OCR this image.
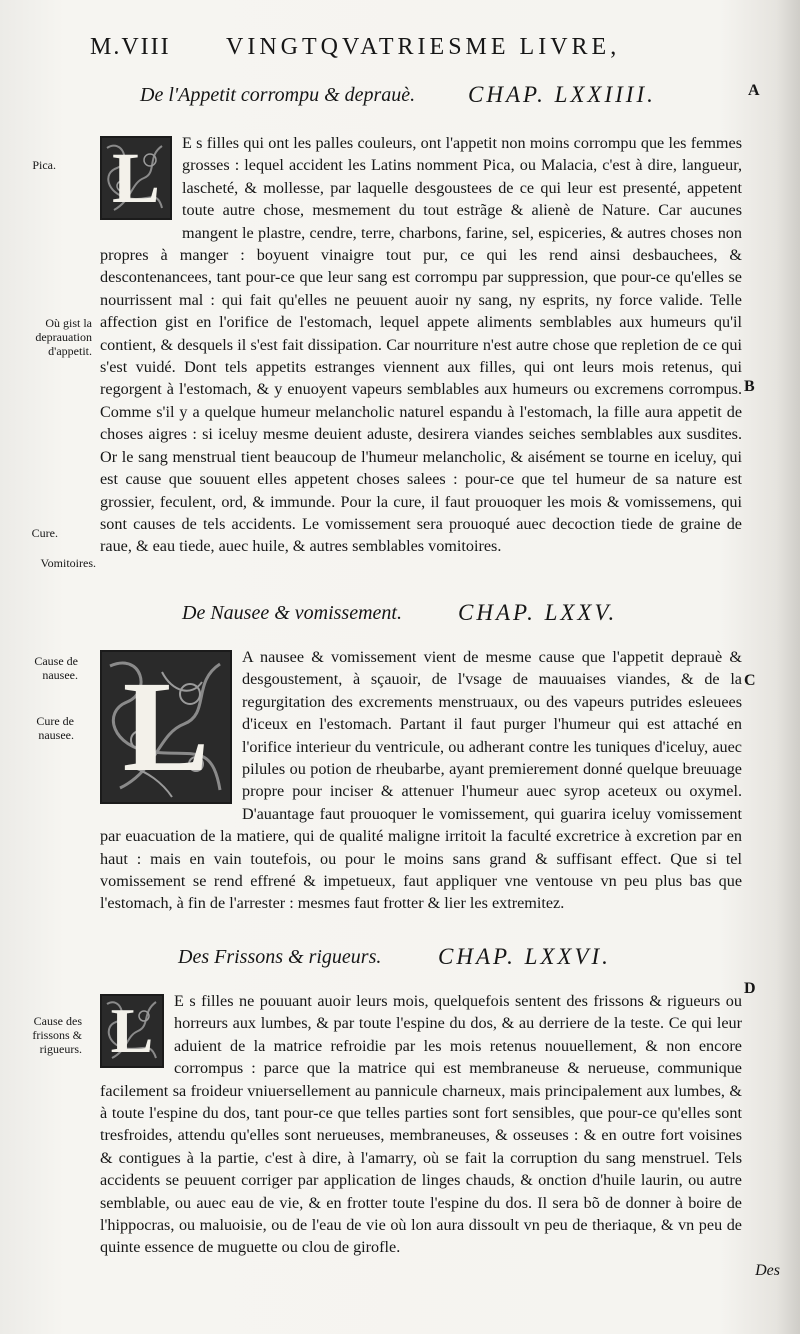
M.VIII VINGTQVATRIESME LIVRE,
De l'Appetit corrompu & deprauè. CHAP. LXXIIII.
L	E s filles qui ont les palles couleurs, ont l'appetit non moins corrompu que les femmes grosses : lequel accident les Latins nomment Pica, ou Malacia, c'est à dire, langueur, lascheté, & mollesse, par laquelle desgoustees de ce qui leur est presenté, appetent toute autre chose, mesmement du tout estrãge & alienè de Nature. Car aucunes mangent le plastre, cendre, terre, charbons, farine, sel, espiceries, & autres choses non propres à manger : boyuent vinaigre tout pur, ce qui les rend ainsi desbauchees, & descontenancees, tant pour-ce que leur sang est corrompu par suppression, que pour-ce qu'elles se nourrissent mal : qui fait qu'elles ne peuuent auoir ny sang, ny esprits, ny force valide. Telle affection gist en l'orifice de l'estomach, lequel appete aliments semblables aux humeurs qu'il contient, & desquels il s'est fait dissipation. Car nourriture n'est autre chose que repletion de ce qui s'est vuidé. Dont tels appetits estranges viennent aux filles, qui ont leurs mois retenus, qui regorgent à l'estomach, & y enuoyent vapeurs semblables aux humeurs ou excremens corrompus. Comme s'il y a quelque humeur melancholic naturel espandu à l'estomach, la fille aura appetit de choses aigres : si iceluy mesme deuient aduste, desirera viandes seiches semblables aux susdites. Or le sang menstrual tient beaucoup de l'humeur melancholic, & aisément se tourne en iceluy, qui est cause que souuent elles appetent choses salees : pour-ce que tel humeur de sa nature est grossier, feculent, ord, & immunde. Pour la cure, il faut prouoquer les mois & vomissemens, qui sont causes de tels accidents. Le vomissement sera prouoqué auec decoction tiede de graine de raue, & eau tiede, auec huile, & autres semblables vomitoires.

De Nausee & vomissement. CHAP. LXXV.
L	A nausee & vomissement vient de mesme cause que l'appetit deprauè & desgoustement, à sçauoir, de l'vsage de mauuaises viandes, & de la regurgitation des excrements menstruaux, ou des vapeurs putrides esleuees d'iceux en l'estomach. Partant il faut purger l'humeur qui est attaché en l'orifice interieur du ventricule, ou adherant contre les tuniques d'iceluy, auec pilules ou potion de rheubarbe, ayant premierement donné quelque breuuage propre pour inciser & attenuer l'humeur auec syrop aceteux ou oxymel. D'auantage faut prouoquer le vomissement, qui guarira iceluy vomissement par euacuation de la matiere, qui de qualité maligne irritoit la faculté excretrice à excretion par en haut : mais en vain toutefois, ou pour le moins sans grand & suffisant effect. Que si tel vomissement se rend effrené & impetueux, faut appliquer vne ventouse vn peu plus bas que l'estomach, à fin de l'arrester : mesmes faut frotter & lier les extremitez.

Des Frissons & rigueurs. CHAP. LXXVI.
L	E s filles ne pouuant auoir leurs mois, quelquefois sentent des frissons & rigueurs ou horreurs aux lumbes, & par toute l'espine du dos, & au derriere de la teste. Ce qui leur aduient de la matrice refroidie par les mois retenus nouuellement, & non encore corrompus : parce que la matrice qui est membraneuse & nerueuse, communique facilement sa froideur vniuersellement au pannicule charneux, mais principalement aux lumbes, & à toute l'espine du dos, tant pour-ce que telles parties sont fort sensibles, que pour-ce qu'elles sont tresfroides, attendu qu'elles sont nerueuses, membraneuses, & osseuses : & en outre fort voisines & contigues à la partie, c'est à dire, à l'amarry, où se fait la corruption du sang menstruel. Tels accidents se peuuent corriger par application de linges chauds, & onction d'huile laurin, ou autre semblable, ou auec eau de vie, & en frotter toute l'espine du dos. Il sera bõ de donner à boire de l'hippocras, ou maluoisie, ou de l'eau de vie où lon aura dissoult vn peu de theriaque, & vn peu de quinte essence de muguette ou clou de girofle.

Pica.
Où gist la deprauation d'appetit.
Cure.
Vomitoires.
Cause de nausee.
Cure de nausee.
Cause des frissons & rigueurs.
A
B
C
D
Des
